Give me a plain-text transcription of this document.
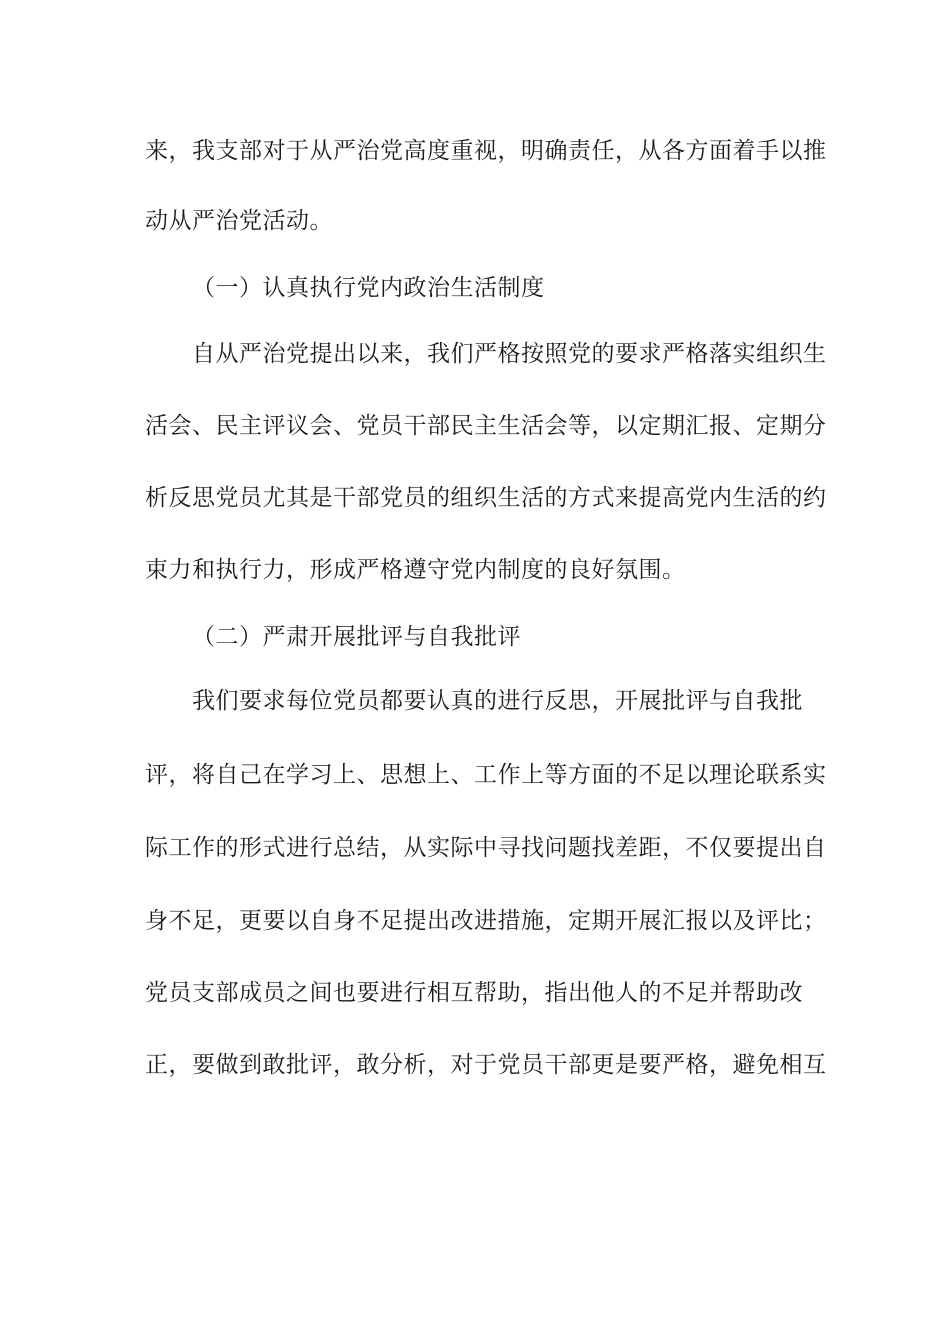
来，我支部对于从严治党高度重视，明确责任，从各方面着手以推
动从严治党活动。
（一）认真执行党内政治生活制度
自从严治党提出以来，我们严格按照党的要求严格落实组织生
活会、民主评议会、党员干部民主生活会等，以定期汇报、定期分
析反思党员尤其是干部党员的组织生活的方式来提高党内生活的约
束力和执行力，形成严格遵守党内制度的良好氛围。
（二）严肃开展批评与自我批评
我们要求每位党员都要认真的进行反思，开展批评与自我批
评，将自己在学习上、思想上、工作上等方面的不足以理论联系实
际工作的形式进行总结，从实际中寻找问题找差距，不仅要提出自
身不足，更要以自身不足提出改进措施，定期开展汇报以及评比；
党员支部成员之间也要进行相互帮助，指出他人的不足并帮助改
正，要做到敢批评，敢分析，对于党员干部更是要严格，避免相互
